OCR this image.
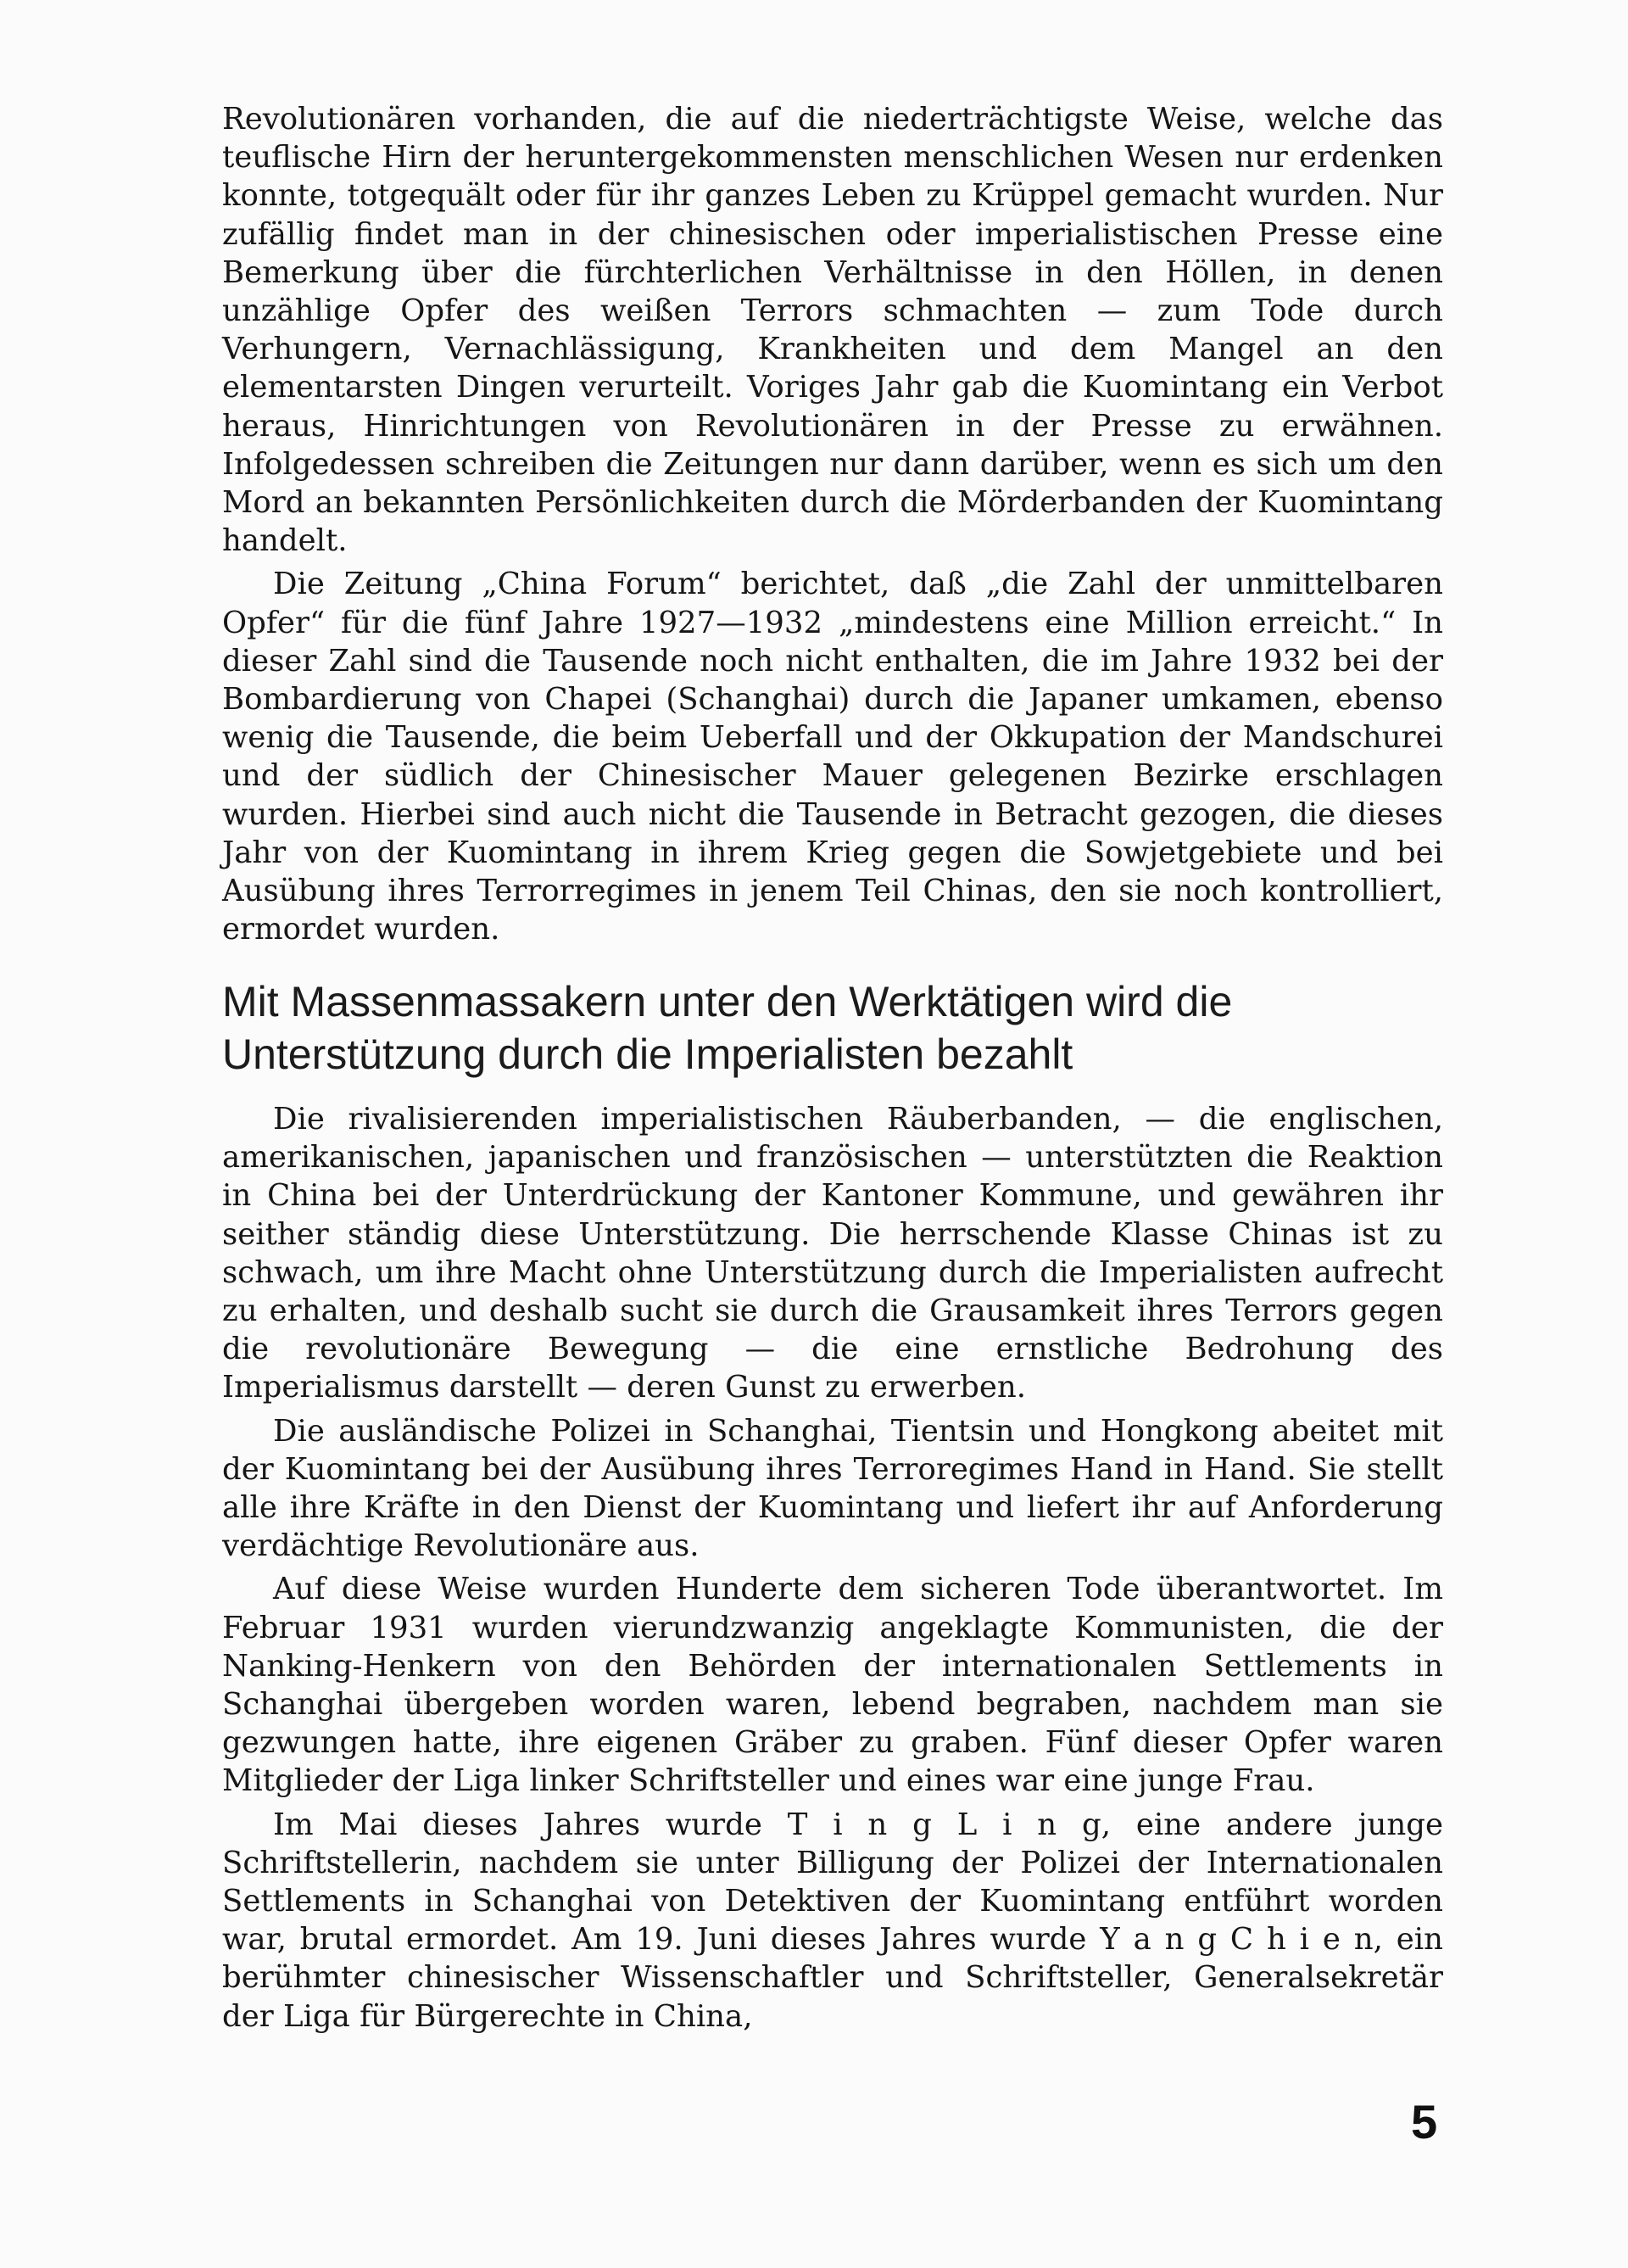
Revolutionären vorhanden, die auf die niederträchtigste Weise, welche das teuflische Hirn der heruntergekommensten menschlichen Wesen nur erdenken konnte, totgequält oder für ihr ganzes Leben zu Krüppel gemacht wurden. Nur zufällig findet man in der chinesischen oder imperialistischen Presse eine Bemerkung über die fürchterlichen Verhältnisse in den Höllen, in denen unzählige Opfer des weißen Terrors schmachten — zum Tode durch Verhungern, Vernachlässigung, Krankheiten und dem Mangel an den elementarsten Dingen verurteilt. Voriges Jahr gab die Kuomintang ein Verbot heraus, Hinrichtungen von Revolutionären in der Presse zu erwähnen. Infolgedessen schreiben die Zeitungen nur dann darüber, wenn es sich um den Mord an bekannten Persönlichkeiten durch die Mörderbanden der Kuomintang handelt.

Die Zeitung „China Forum“ berichtet, daß „die Zahl der unmittelbaren Opfer“ für die fünf Jahre 1927—1932 „mindestens eine Million erreicht.“ In dieser Zahl sind die Tausende noch nicht enthalten, die im Jahre 1932 bei der Bombardierung von Chapei (Schanghai) durch die Japaner umkamen, ebenso wenig die Tausende, die beim Ueberfall und der Okkupation der Mandschurei und der südlich der Chinesischer Mauer gelegenen Bezirke erschlagen wurden. Hierbei sind auch nicht die Tausende in Betracht gezogen, die dieses Jahr von der Kuomintang in ihrem Krieg gegen die Sowjetgebiete und bei Ausübung ihres Terrorregimes in jenem Teil Chinas, den sie noch kontrolliert, ermordet wurden.

Mit Massenmassakern unter den Werktätigen wird die
Unterstützung durch die Imperialisten bezahlt

Die rivalisierenden imperialistischen Räuberbanden, — die englischen, amerikanischen, japanischen und französischen — unterstützten die Reaktion in China bei der Unterdrückung der Kantoner Kommune, und gewähren ihr seither ständig diese Unterstützung. Die herrschende Klasse Chinas ist zu schwach, um ihre Macht ohne Unterstützung durch die Imperialisten aufrecht zu erhalten, und deshalb sucht sie durch die Grausamkeit ihres Terrors gegen die revolutionäre Bewegung — die eine ernstliche Bedrohung des Imperialismus darstellt — deren Gunst zu erwerben.

Die ausländische Polizei in Schanghai, Tientsin und Hongkong abeitet mit der Kuomintang bei der Ausübung ihres Terroregimes Hand in Hand. Sie stellt alle ihre Kräfte in den Dienst der Kuomintang und liefert ihr auf Anforderung verdächtige Revolutionäre aus.

Auf diese Weise wurden Hunderte dem sicheren Tode überantwortet. Im Februar 1931 wurden vierundzwanzig angeklagte Kommunisten, die der Nanking-Henkern von den Behörden der internationalen Settlements in Schanghai übergeben worden waren, lebend begraben, nachdem man sie gezwungen hatte, ihre eigenen Gräber zu graben. Fünf dieser Opfer waren Mitglieder der Liga linker Schriftsteller und eines war eine junge Frau.

Im Mai dieses Jahres wurde T i n g L i n g, eine andere junge Schriftstellerin, nachdem sie unter Billigung der Polizei der Internationalen Settlements in Schanghai von Detektiven der Kuomintang entführt worden war, brutal ermordet. Am 19. Juni dieses Jahres wurde Y a n g C h i e n, ein berühmter chinesischer Wissenschaftler und Schriftsteller, Generalsekretär der Liga für Bürgerechte in China,

5
